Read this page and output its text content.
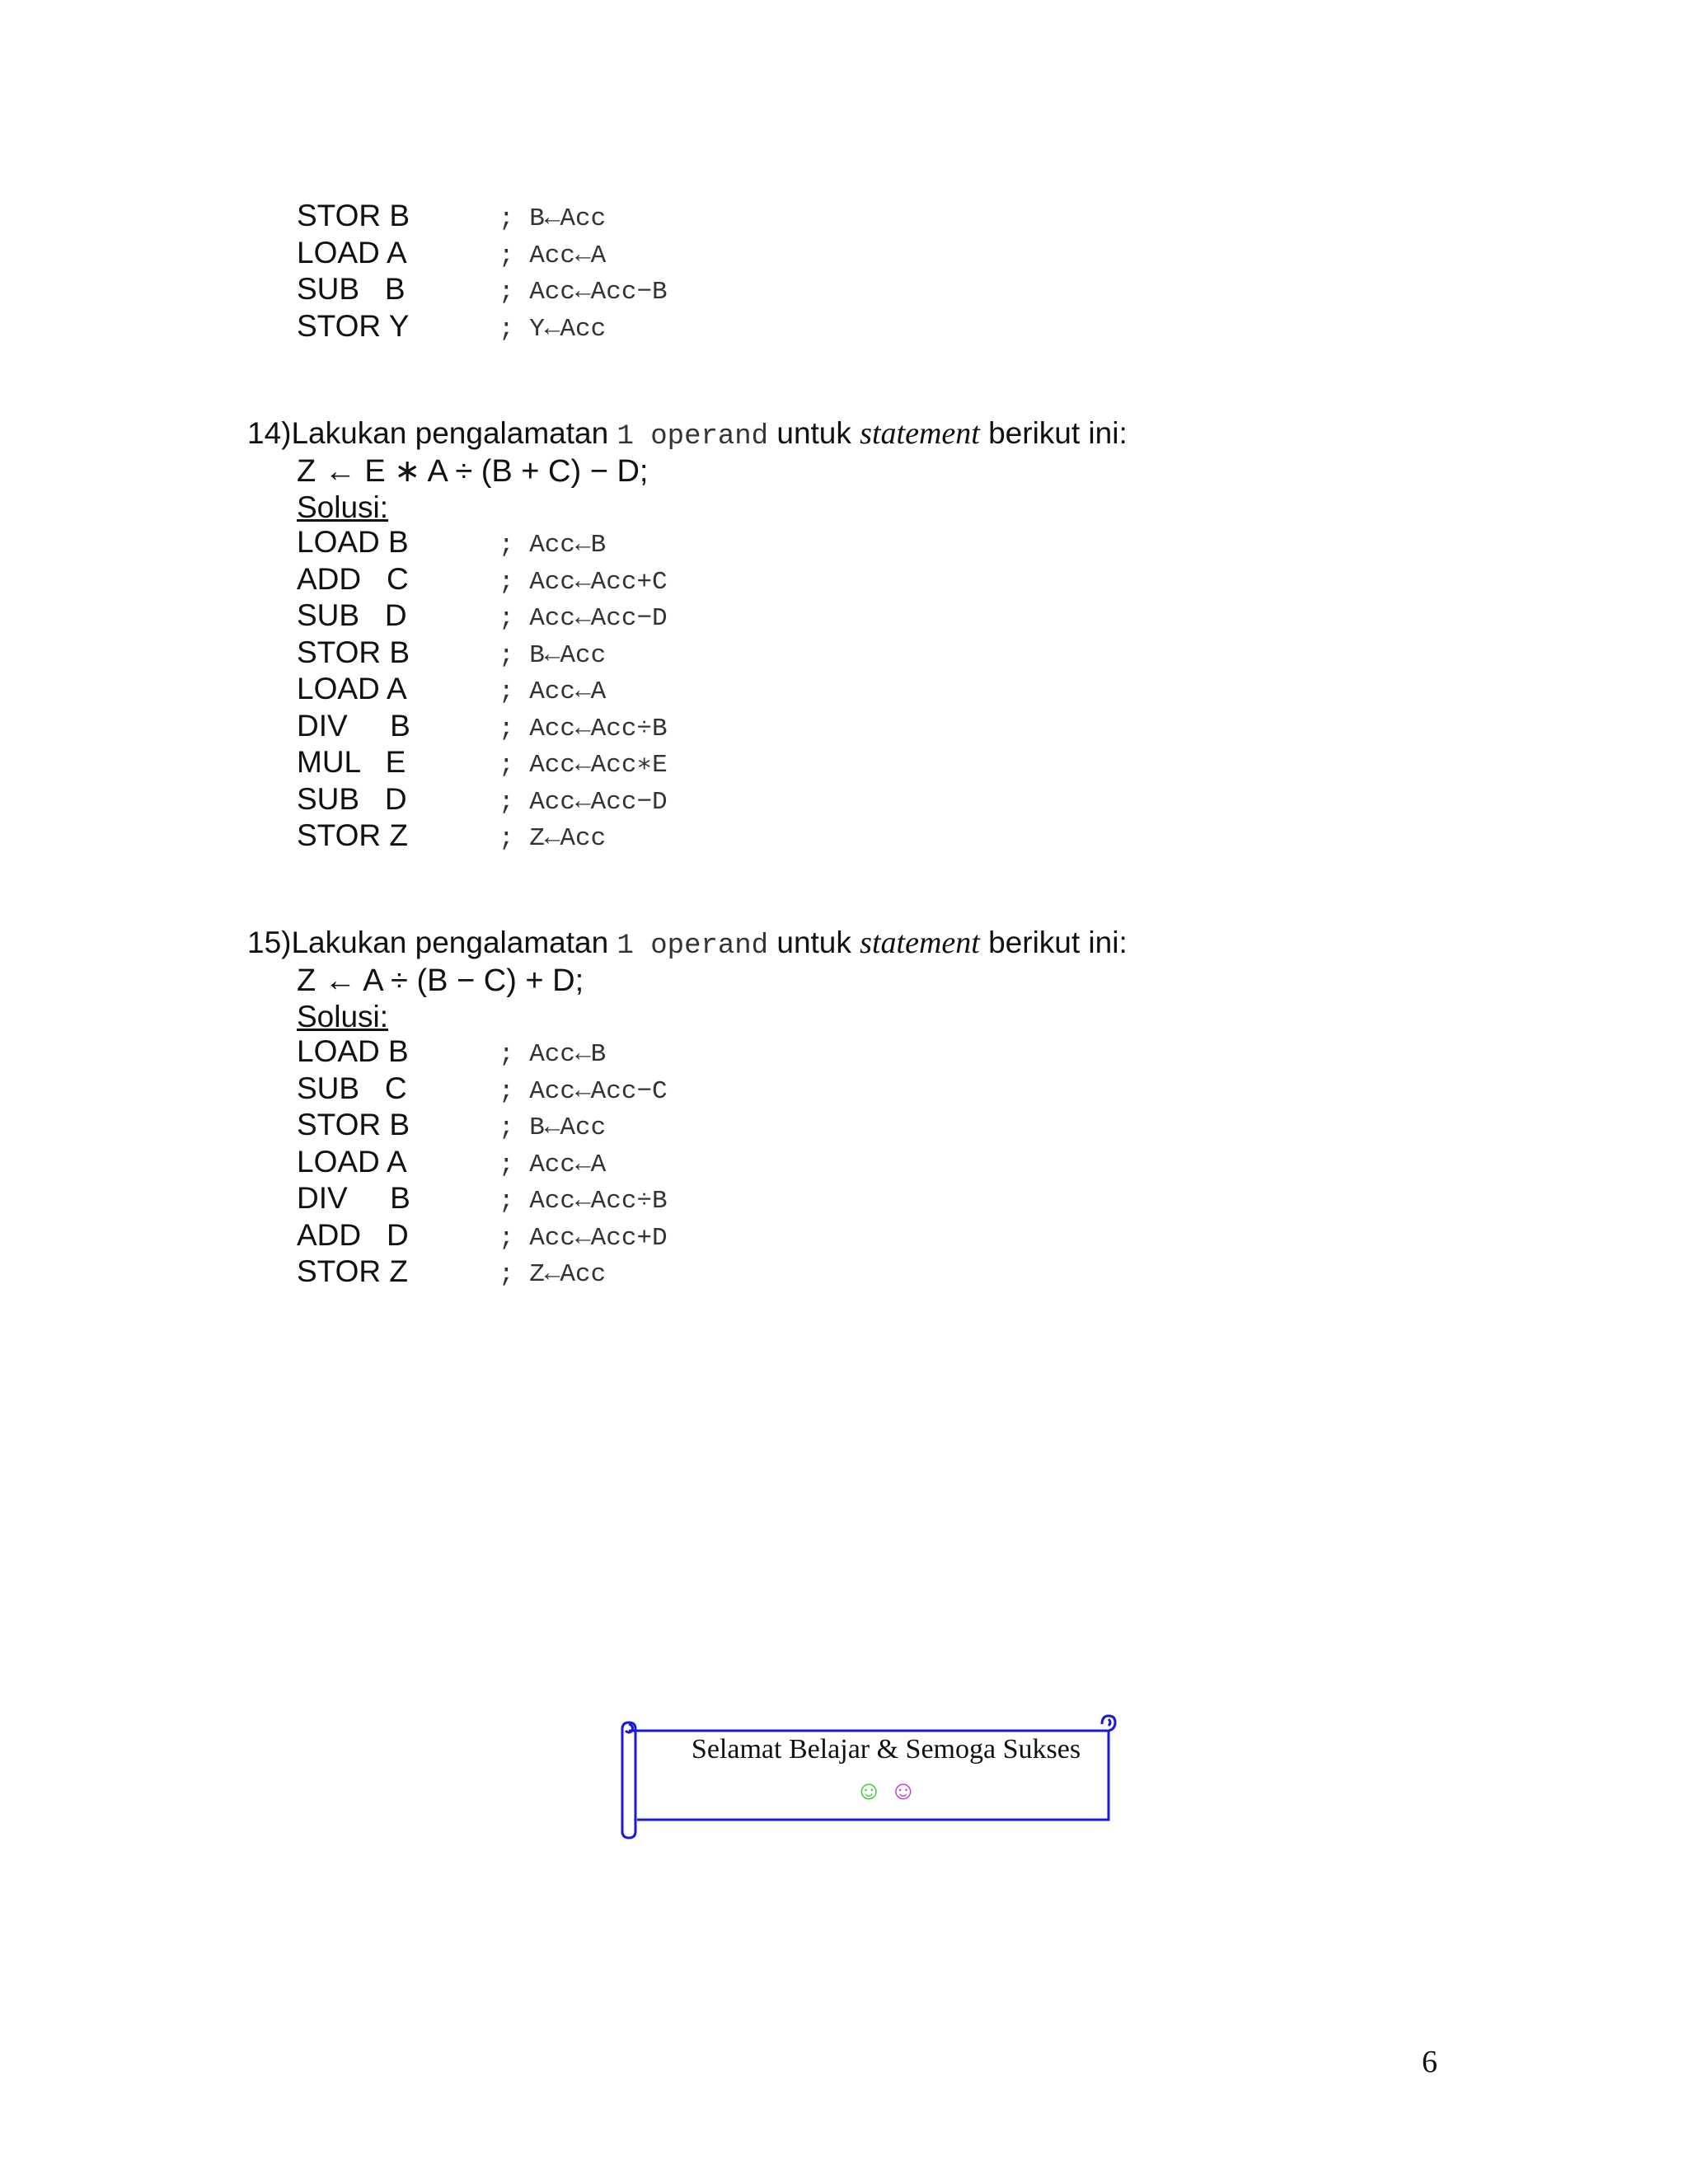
STOR B	; B←Acc
LOAD A	; Acc←A
SUB   B	; Acc←Acc−B
STOR Y	; Y←Acc
14)Lakukan pengalamatan 1 operand untuk statement berikut ini:
Z ← E ∗ A ÷ (B + C) − D;
Solusi:
LOAD B	; Acc←B
ADD   C	; Acc←Acc+C
SUB   D	; Acc←Acc−D
STOR B	; B←Acc
LOAD A	; Acc←A
DIV     B	; Acc←Acc÷B
MUL   E	; Acc←Acc∗E
SUB   D	; Acc←Acc−D
STOR Z	; Z←Acc
15)Lakukan pengalamatan 1 operand untuk statement berikut ini:
Z ← A ÷ (B − C) + D;
Solusi:
LOAD B	; Acc←B
SUB   C	; Acc←Acc−C
STOR B	; B←Acc
LOAD A	; Acc←A
DIV     B	; Acc←Acc÷B
ADD   D	; Acc←Acc+D
STOR Z	; Z←Acc
Selamat Belajar & Semoga Sukses
☺ ☺
6
